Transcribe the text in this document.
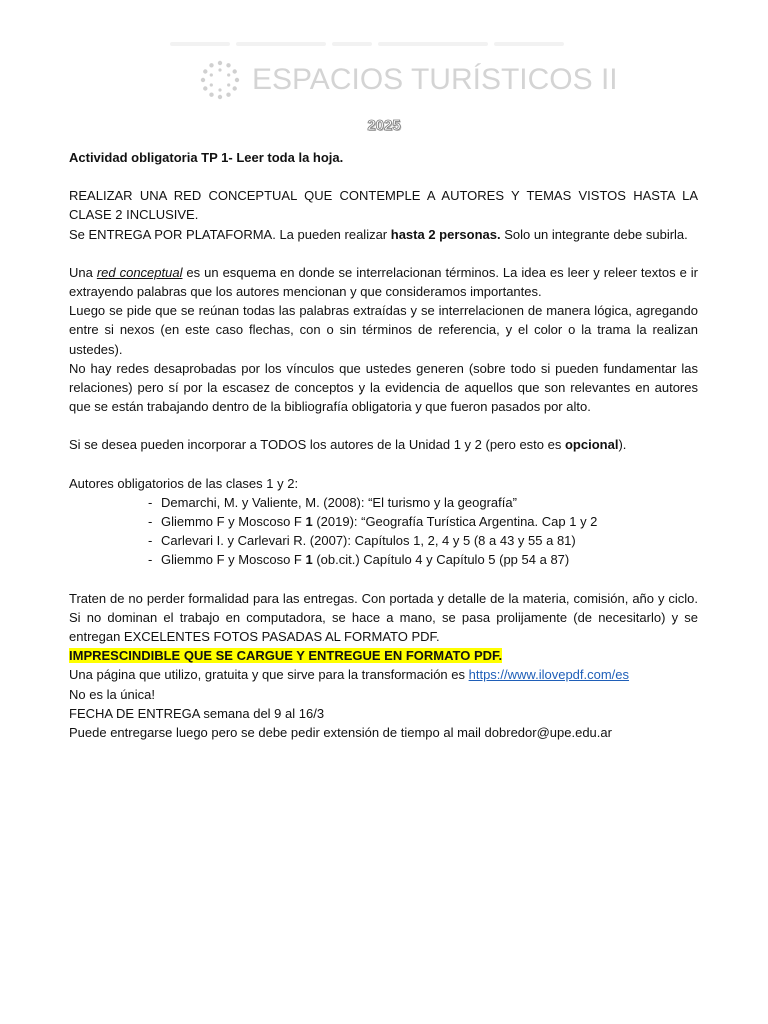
ESPACIOS TURÍSTICOS II
2025

Actividad obligatoria TP 1- Leer toda la hoja.

REALIZAR UNA RED CONCEPTUAL QUE CONTEMPLE A AUTORES Y TEMAS VISTOS HASTA LA CLASE 2 INCLUSIVE.

Se ENTREGA POR PLATAFORMA. La pueden realizar hasta 2 personas. Solo un integrante debe subirla.

Una red conceptual es un esquema en donde se interrelacionan términos. La idea es leer y releer textos e ir extrayendo palabras que los autores mencionan y que consideramos importantes.

Luego se pide que se reúnan todas las palabras extraídas y se interrelacionen de manera lógica, agregando entre si nexos (en este caso flechas, con o sin términos de referencia, y el color o la trama la realizan ustedes).

No hay redes desaprobadas por los vínculos que ustedes generen (sobre todo si pueden fundamentar las relaciones) pero sí por la escasez de conceptos y la evidencia de aquellos que son relevantes en autores que se están trabajando dentro de la bibliografía obligatoria y que fueron pasados por alto.

Si se desea pueden incorporar a TODOS los autores de la Unidad 1 y 2 (pero esto es opcional).

Autores obligatorios de las clases 1 y 2:

- Demarchi, M. y Valiente, M. (2008): “El turismo y la geografía”
- Gliemmo F y Moscoso F 1 (2019): “Geografía Turística Argentina. Cap 1 y 2
- Carlevari I. y Carlevari R. (2007): Capítulos 1, 2, 4 y 5 (8 a 43 y 55 a 81)
- Gliemmo F y Moscoso F 1 (ob.cit.) Capítulo 4 y Capítulo 5 (pp 54 a 87)

Traten de no perder formalidad para las entregas. Con portada y detalle de la materia, comisión, año y ciclo. Si no dominan el trabajo en computadora, se hace a mano, se pasa prolijamente (de necesitarlo) y se entregan EXCELENTES FOTOS PASADAS AL FORMATO PDF.

IMPRESCINDIBLE QUE SE CARGUE Y ENTREGUE EN FORMATO PDF.

Una página que utilizo, gratuita y que sirve para la transformación es https://www.ilovepdf.com/es

No es la única!

FECHA DE ENTREGA semana del 9 al 16/3

Puede entregarse luego pero se debe pedir extensión de tiempo al mail dobredor@upe.edu.ar
